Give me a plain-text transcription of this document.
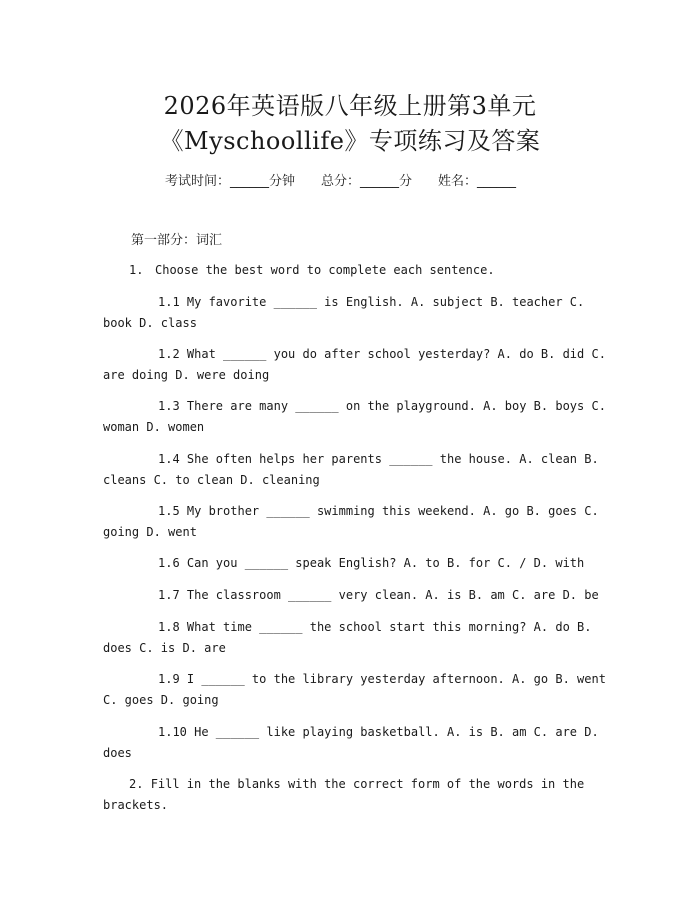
2026年英语版八年级上册第3单元
《Myschoollife》专项练习及答案
考试时间：______分钟 总分：______分 姓名：______
第一部分：词汇
1. Choose the best word to complete each sentence.
1.1 My favorite ______ is English. A. subject B. teacher C. book D. class
1.2 What ______ you do after school yesterday? A. do B. did C. are doing D. were doing
1.3 There are many ______ on the playground. A. boy B. boys C. woman D. women
1.4 She often helps her parents ______ the house. A. clean B. cleans C. to clean D. cleaning
1.5 My brother ______ swimming this weekend. A. go B. goes C. going D. went
1.6 Can you ______ speak English? A. to B. for C. / D. with
1.7 The classroom ______ very clean. A. is B. am C. are D. be
1.8 What time ______ the school start this morning? A. do B. does C. is D. are
1.9 I ______ to the library yesterday afternoon. A. go B. went C. goes D. going
1.10 He ______ like playing basketball. A. is B. am C. are D. does
2. Fill in the blanks with the correct form of the words in the brackets.
